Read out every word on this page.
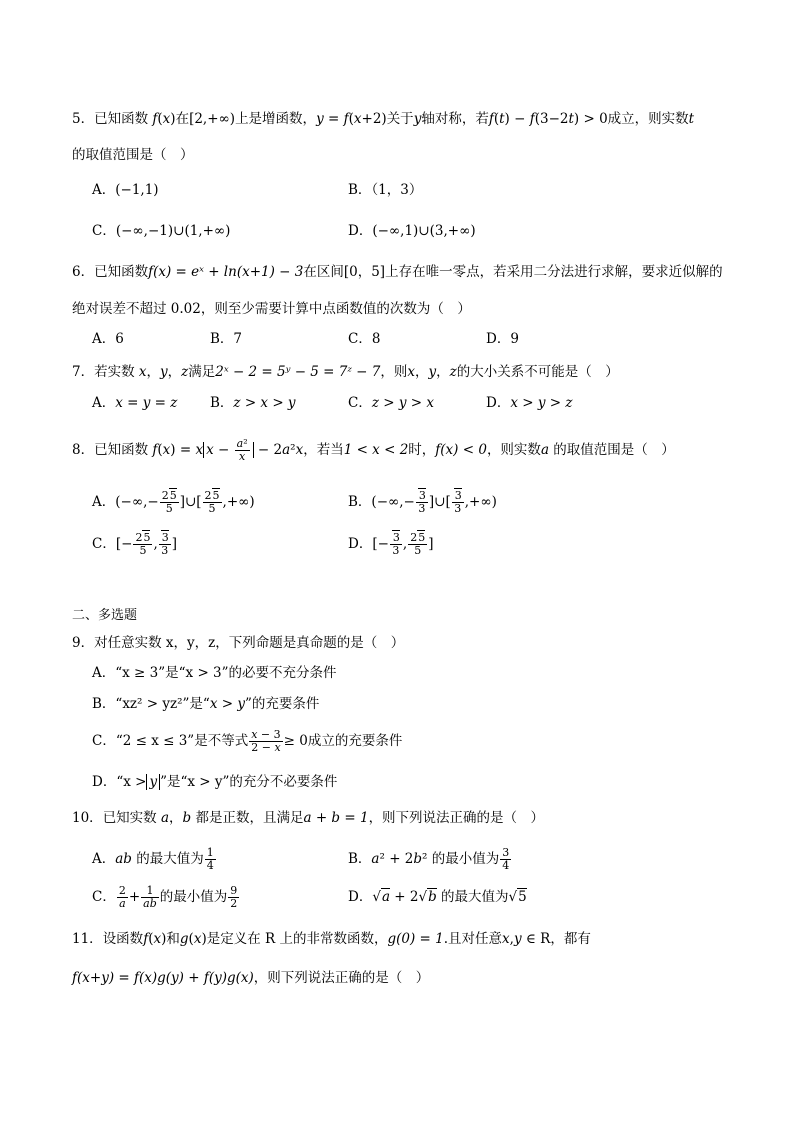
5．已知函数 f(x)在[2,+∞)上是增函数，y = f(x+2)关于y轴对称，若f(t) − f(3−2t) > 0成立，则实数t
的取值范围是（　）
A．(−1,1)	B．（1，3）
C．(−∞,−1)∪(1,+∞)	D．(−∞,1)∪(3,+∞)
6．已知函数f(x) = eˣ + ln(x+1) − 3在区间[0，5]上存在唯一零点，若采用二分法进行求解，要求近似解的
绝对误差不超过 0.02，则至少需要计算中点函数值的次数为（　）
A．6	B．7	C．8	D．9
7．若实数 x，y，z满足2ˣ − 2 = 5ʸ − 5 = 7ᶻ − 7，则x，y，z的大小关系不可能是（　）
A．x = y = z B．z > x > y	C．z > y > x	D．x > y > z
8．已知函数 f(x) = x $x - \frac{\text{a²}}{x} - 2a^2x$，若当1 < x < 2时，f(x) < 0，则实数a 的取值范围是（　）
A．(−∞,− $\frac{25}{5}$ ]∪[ $\frac{25}{5}$ ,+∞)	B．(−∞,− $\frac{3}{3}$ ]∪[ $\frac{3}{3}$ ,+∞)
C．[− $\frac{25}{5}$ , $\frac{3}{3}$ ]	D．[− $\frac{3}{3}$ , $\frac{25}{5}$ ]
二、多选题
9．对任意实数 x，y，z，下列命题是真命题的是（　）
A．“x ≥ 3”是“x > 3”的必要不充分条件
B．“xz² > yz²”是“x > y”的充要条件
C．“2 ≤ x ≤ 3”是不等式 $\frac{x - 3}{2 - x} \ge 0$成立的充要条件
D．“x > y ”是“x > y”的充分不必要条件
10．已知实数 a，b 都是正数，且满足a + b = 1，则下列说法正确的是（　）
A．ab 的最大值为 $\frac{1}{4}$	B．a² + 2b² 的最小值为 $\frac{3}{4}$
C． $\frac{2}{a} + \frac{1}{ab}$ 的最小值为 $\frac{9}{2}$	D．√a + 2√b 的最大值为√5
11．设函数f(x)和g(x)是定义在 R 上的非常数函数，g(0) = 1.且对任意x,y ∈ R，都有
f(x+y) = f(x)g(y) + f(y)g(x)，则下列说法正确的是（　）
